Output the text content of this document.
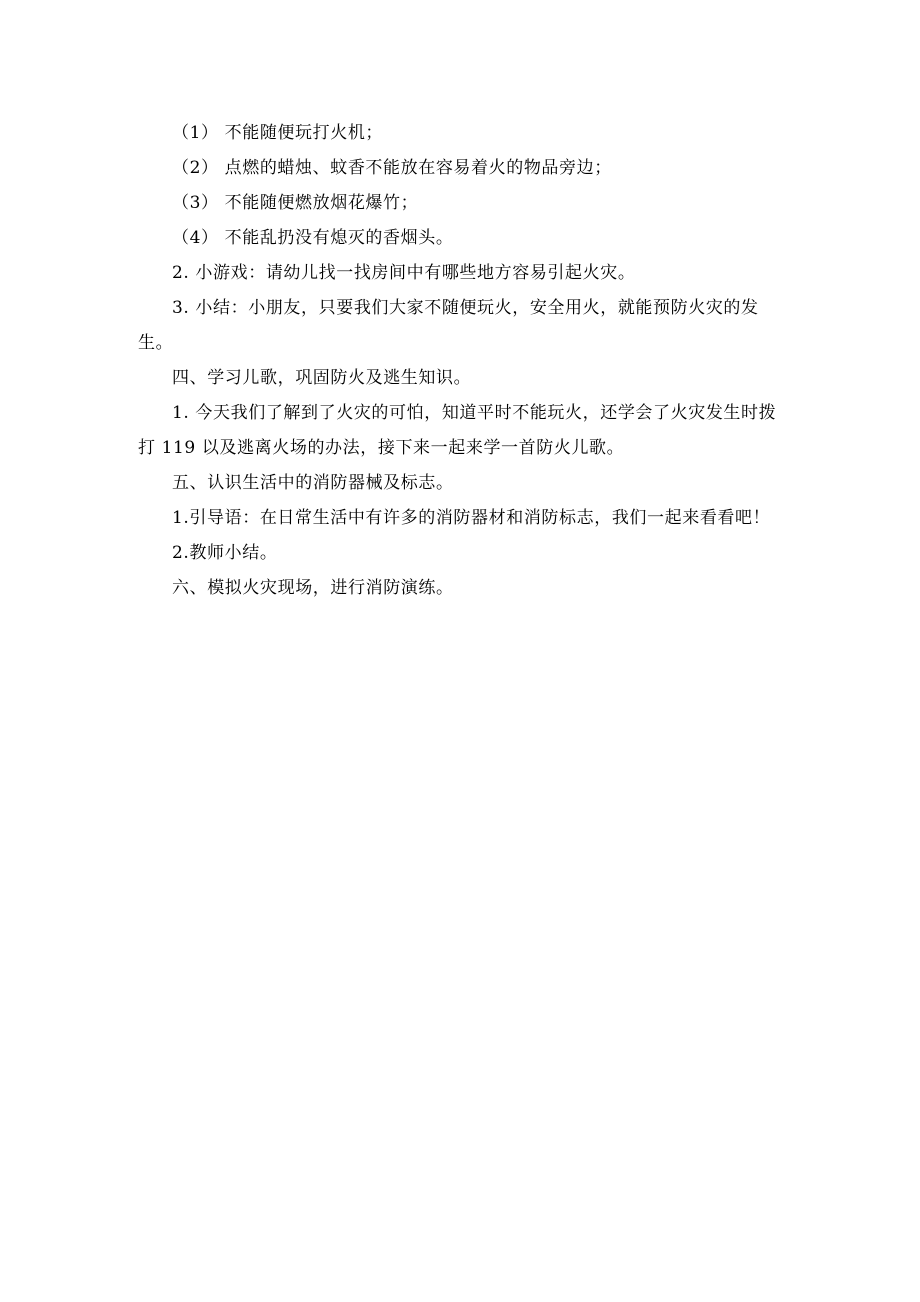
（1） 不能随便玩打火机；

（2） 点燃的蜡烛、蚊香不能放在容易着火的物品旁边；

（3） 不能随便燃放烟花爆竹；

（4） 不能乱扔没有熄灭的香烟头。

2. 小游戏：请幼儿找一找房间中有哪些地方容易引起火灾。

3. 小结：小朋友，只要我们大家不随便玩火，安全用火，就能预防火灾的发生。

四、学习儿歌，巩固防火及逃生知识。

1. 今天我们了解到了火灾的可怕，知道平时不能玩火，还学会了火灾发生时拨打 119 以及逃离火场的办法，接下来一起来学一首防火儿歌。

五、认识生活中的消防器械及标志。

1.引导语：在日常生活中有许多的消防器材和消防标志，我们一起来看看吧！

2.教师小结。

六、模拟火灾现场，进行消防演练。
